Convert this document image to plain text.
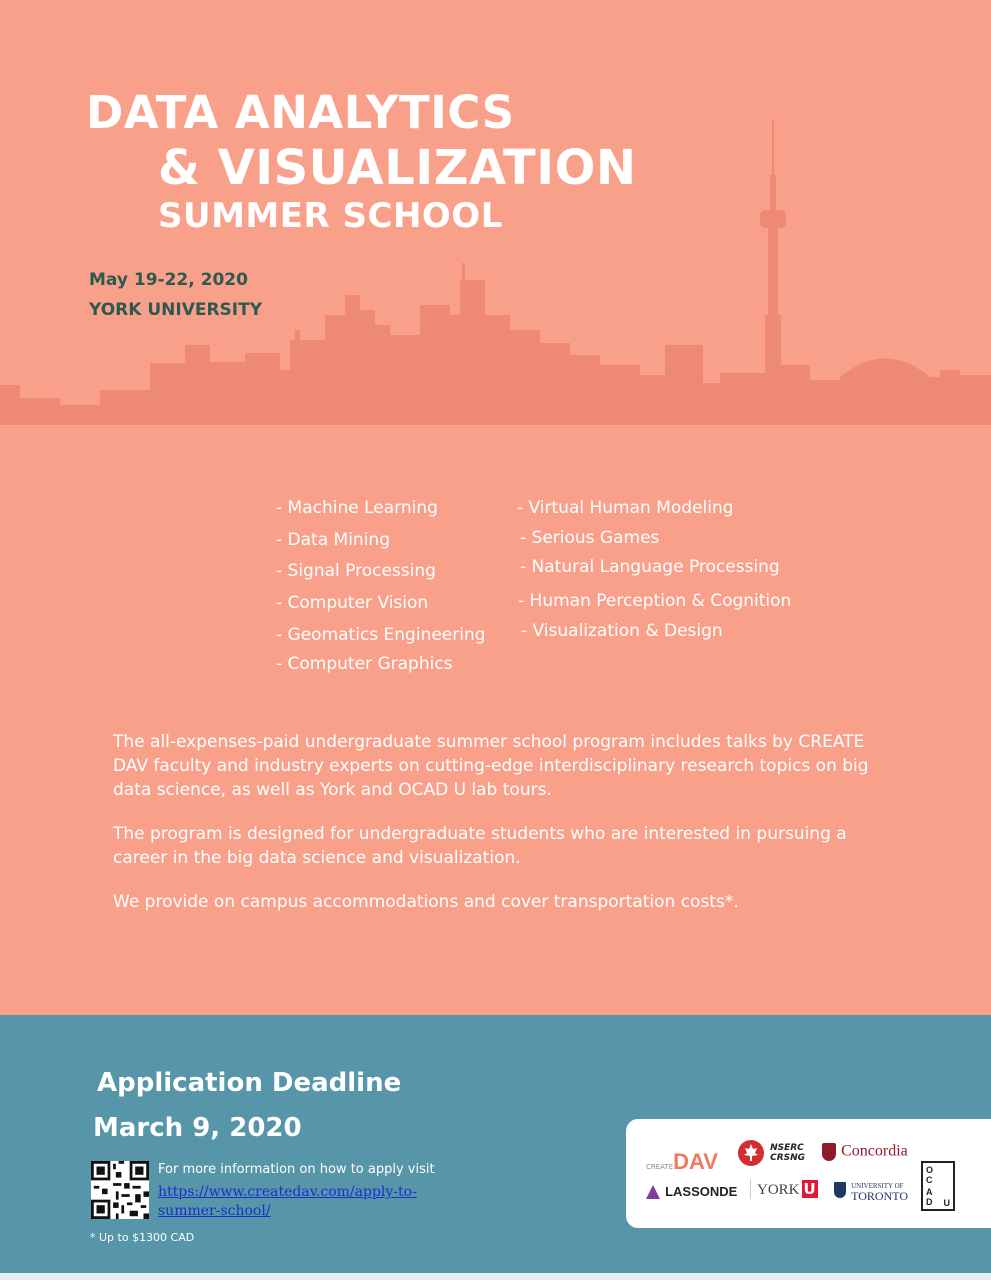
DATA ANALYTICS
& VISUALIZATION
SUMMER SCHOOL
May 19-22, 2020
YORK UNIVERSITY
- Machine Learning
- Data Mining
- Signal Processing
- Computer Vision
- Geomatics Engineering
- Computer Graphics
- Virtual Human Modeling
- Serious Games
- Natural Language Processing
- Human Perception & Cognition
- Visualization & Design

The all-expenses-paid undergraduate summer school program includes talks by CREATE DAV faculty and industry experts on cutting-edge interdisciplinary research topics on big data science, as well as York and OCAD U lab tours.

The program is designed for undergraduate students who are interested in pursuing a career in the big data science and visualization.

We provide on campus accommodations and cover transportation costs*.

Application Deadline
March 9, 2020
For more information on how to apply visit
https://www.createdav.com/apply-to-summer-school/
* Up to $1300 CAD
CREATEDAV
NSERC
CRSNG	Concordia
LASSONDE	YORK U	UNIVERSITY OF
TORONTO
O
C
A
D U
